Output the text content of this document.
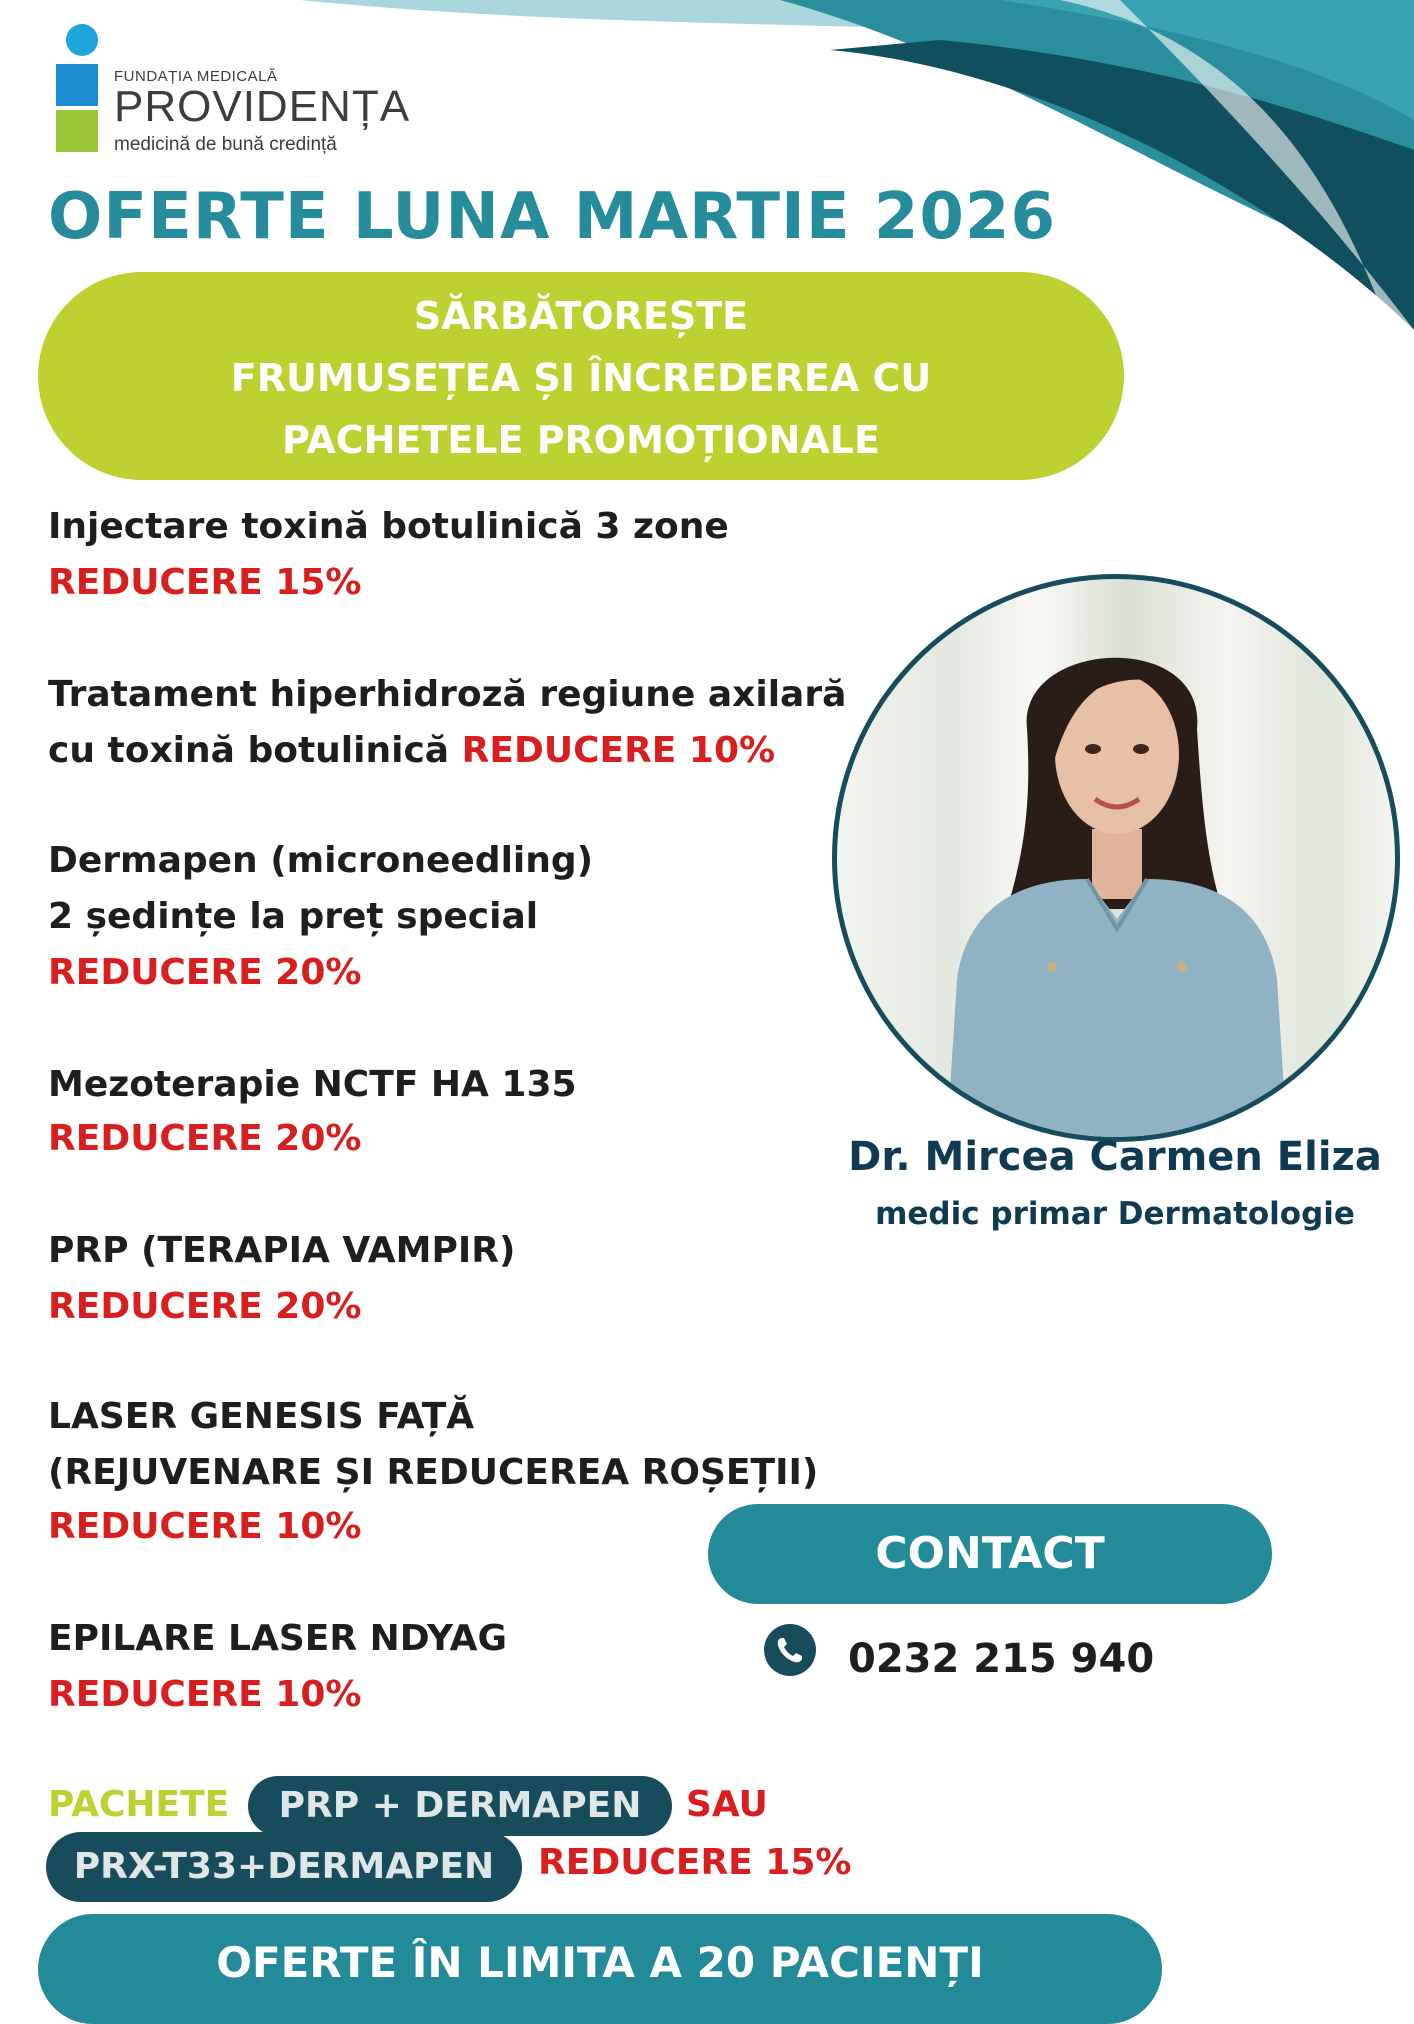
FUNDAȚIA MEDICALĂ
PROVIDENȚA
medicină de bună credință
OFERTE LUNA MARTIE 2026
SĂRBĂTOREȘTE
FRUMUSEȚEA ȘI ÎNCREDEREA CU
PACHETELE PROMOȚIONALE
Injectare toxină botulinică 3 zone
REDUCERE 15%
Tratament hiperhidroză regiune axilară
cu toxină botulinică REDUCERE 10%
Dermapen (microneedling)
2 ședințe la preț special
REDUCERE 20%
Mezoterapie NCTF HA 135
REDUCERE 20%
PRP (TERAPIA VAMPIR)
REDUCERE 20%
LASER GENESIS FAȚĂ
(REJUVENARE ȘI REDUCEREA ROȘEȚII)
REDUCERE 10%
EPILARE LASER NDYAG
REDUCERE 10%
Dr. Mircea Carmen Eliza
medic primar Dermatologie
CONTACT
0232 215 940
PACHETE	PRP + DERMAPEN	SAU
PRX-T33+DERMAPEN	REDUCERE 15%
OFERTE ÎN LIMITA A 20 PACIENȚI
